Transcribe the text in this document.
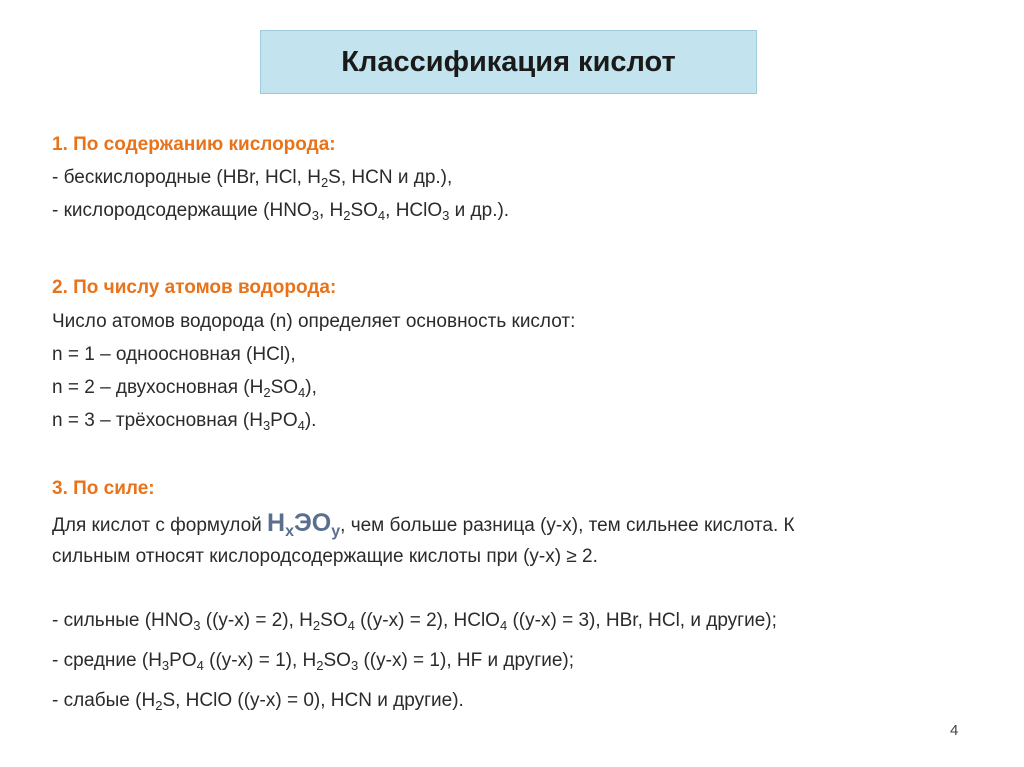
Классификация кислот
1. По содержанию кислорода:
- бескислородные (HBr, HCl, $H_2S$, HCN и др.),
- кислородсодержащие ($HNO_3$, $H_2SO_4$, HClO$_3$ и др.).
2. По числу атомов водорода:
Число атомов водорода (n) определяет основность кислот:
n = 1 – одноосновная (HCl),
n = 2 – двухосновная $(H_2SO_4)$,
n = 3 – трёхосновная $(H_3PO_4)$.
3. По силе:
Для кислот с формулой $H_xЭО_y$, чем больше разница (y-x), тем сильнее кислота. К
сильным относят кислородсодержащие кислоты при (y-x) ≥ 2.
- сильные ($HNO_3$ ((y-x) = 2), $H_2SO_4$ ((y-x) = 2), HClO$_4$ ((y-x) = 3), HBr, HCl, и другие);
- средние ($H_3PO_4$ ((y-x) = 1), $H_2SO_3$ ((y-x) = 1), HF и другие);
- слабые ($H_2S$, HClO ((y-x) = 0), HCN и другие).
4
